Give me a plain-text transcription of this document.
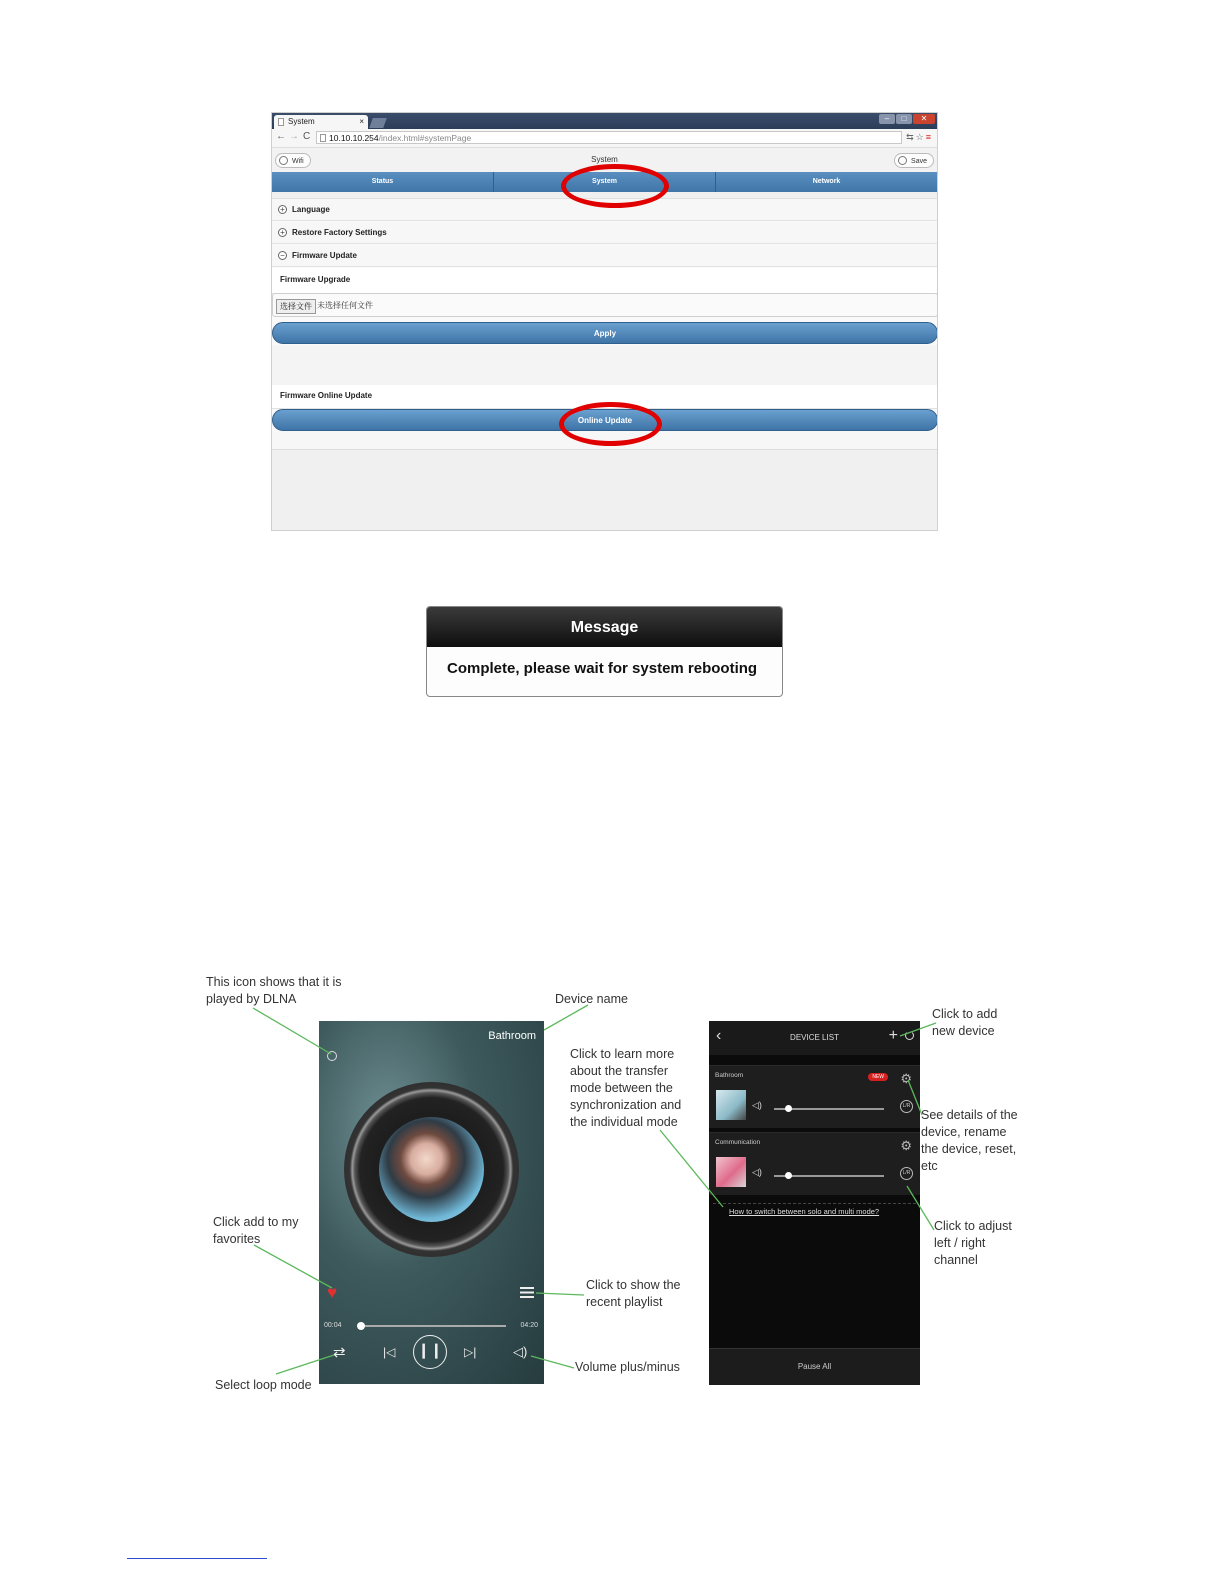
System	×	–	□	✕
← → C	10.10.10.254/index.html#systemPage	⇆☆≡
Wifi	System	Save
Status	System	Network
+ Language
+ Restore Factory Settings
− Firmware Update
Firmware Upgrade
选择文件 未选择任何文件
Apply
Firmware Online Update
Online Update
Message
Complete, please wait for system rebooting
Bathroom
♥
00:04	04:20
⇄	|◁ ❙❙	▷|	◁)
‹	DEVICE LIST	+
Bathroom	NEW	⚙
◁)	L/R
Communication	⚙
◁)	L/R
How to switch between solo and multi mode?
Pause All
This icon shows that it is
played by DLNA	Device name
Click to learn more
about the transfer
mode between the
synchronization and
the individual mode
Click add to my
favorites
Click to show the
recent playlist
Select loop mode
Volume plus/minus
Click to add
new device
See details of the
device, rename
the device, reset,
etc
Click to adjust
left / right
channel
